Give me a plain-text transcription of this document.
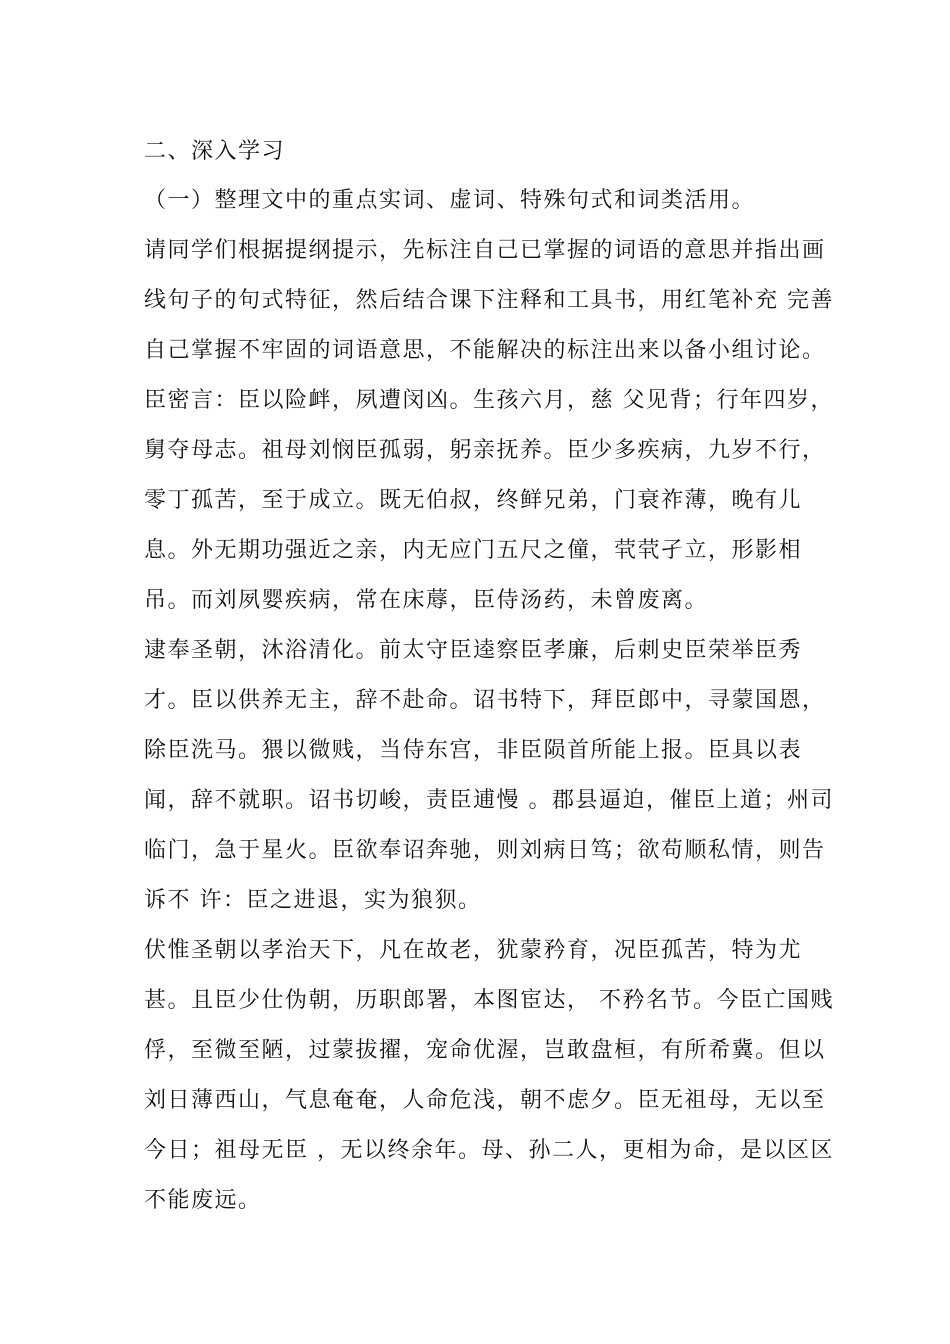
二、深入学习
（一）整理文中的重点实词、虚词、特殊句式和词类活用。
请同学们根据提纲提示，先标注自己已掌握的词语的意思并指出画
线句子的句式特征，然后结合课下注释和工具书，用红笔补充 完善
自己掌握不牢固的词语意思，不能解决的标注出来以备小组讨论。
臣密言：臣以险衅，夙遭闵凶。生孩六月，慈 父见背；行年四岁，
舅夺母志。祖母刘悯臣孤弱，躬亲抚养。臣少多疾病，九岁不行，
零丁孤苦，至于成立。既无伯叔，终鲜兄弟，门衰祚薄，晚有儿
息。外无期功强近之亲，内无应门五尺之僮，茕茕孑立，形影相
吊。而刘夙婴疾病，常在床蓐，臣侍汤药，未曾废离。
逮奉圣朝，沐浴清化。前太守臣逵察臣孝廉，后刺史臣荣举臣秀
才。臣以供养无主，辞不赴命。诏书特下，拜臣郎中，寻蒙国恩，
除臣洗马。猥以微贱，当侍东宫，非臣陨首所能上报。臣具以表
闻，辞不就职。诏书切峻，责臣逋慢 。郡县逼迫，催臣上道；州司
临门，急于星火。臣欲奉诏奔驰，则刘病日笃；欲苟顺私情，则告
诉不 许：臣之进退，实为狼狈。
伏惟圣朝以孝治天下，凡在故老，犹蒙矜育，况臣孤苦，特为尤
甚。且臣少仕伪朝，历职郎署，本图宦达， 不矜名节。今臣亡国贱
俘，至微至陋，过蒙拔擢，宠命优渥，岂敢盘桓，有所希冀。但以
刘日薄西山，气息奄奄，人命危浅，朝不虑夕。臣无祖母，无以至
今日；祖母无臣 ，无以终余年。母、孙二人，更相为命，是以区区
不能废远。
